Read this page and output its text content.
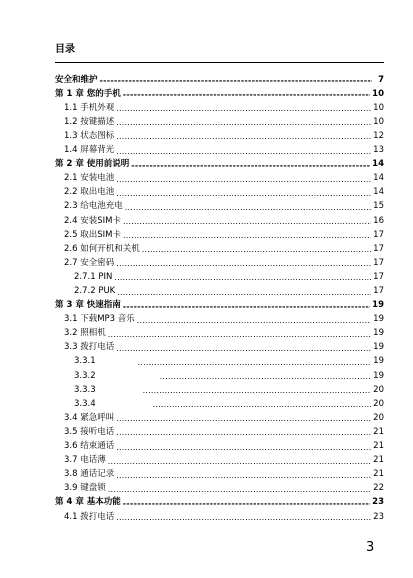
目录
安全和维护 -----	7
第 1 章 您的手机 -----	10
1.1 手机外观 .....	10
1.2 按键描述 .....	10
1.3 状态图标 .....	12
1.4 屏幕背光 .....	13
第 2 章 使用前说明 -----	14
2.1 安装电池 .....	14
2.2 取出电池 .....	14
2.3 给电池充电 .....	15
2.4 安装SIM卡 .....	16
2.5 取出SIM卡 .....	17
2.6 如何开机和关机 .....	17
2.7 安全密码 .....	17
2.7.1 PIN .....	17
2.7.2 PUK .....	17
第 3 章 快速指南 -----	19
3.1 下载MP3 音乐 .....	19
3.2 照相机 .....	19
3.3 拨打电话 .....	19
3.3.1 .....	19
3.3.2 .....	19
3.3.3 .....	20
3.3.4 .....	20
3.4 紧急呼叫 .....	20
3.5 接听电话 .....	21
3.6 结束通话 .....	21
3.7 电话薄 .....	21
3.8 通话记录 .....	21
3.9 键盘锁 .....	22
第 4 章 基本功能 -----	23
4.1 拨打电话 .....	23
3
